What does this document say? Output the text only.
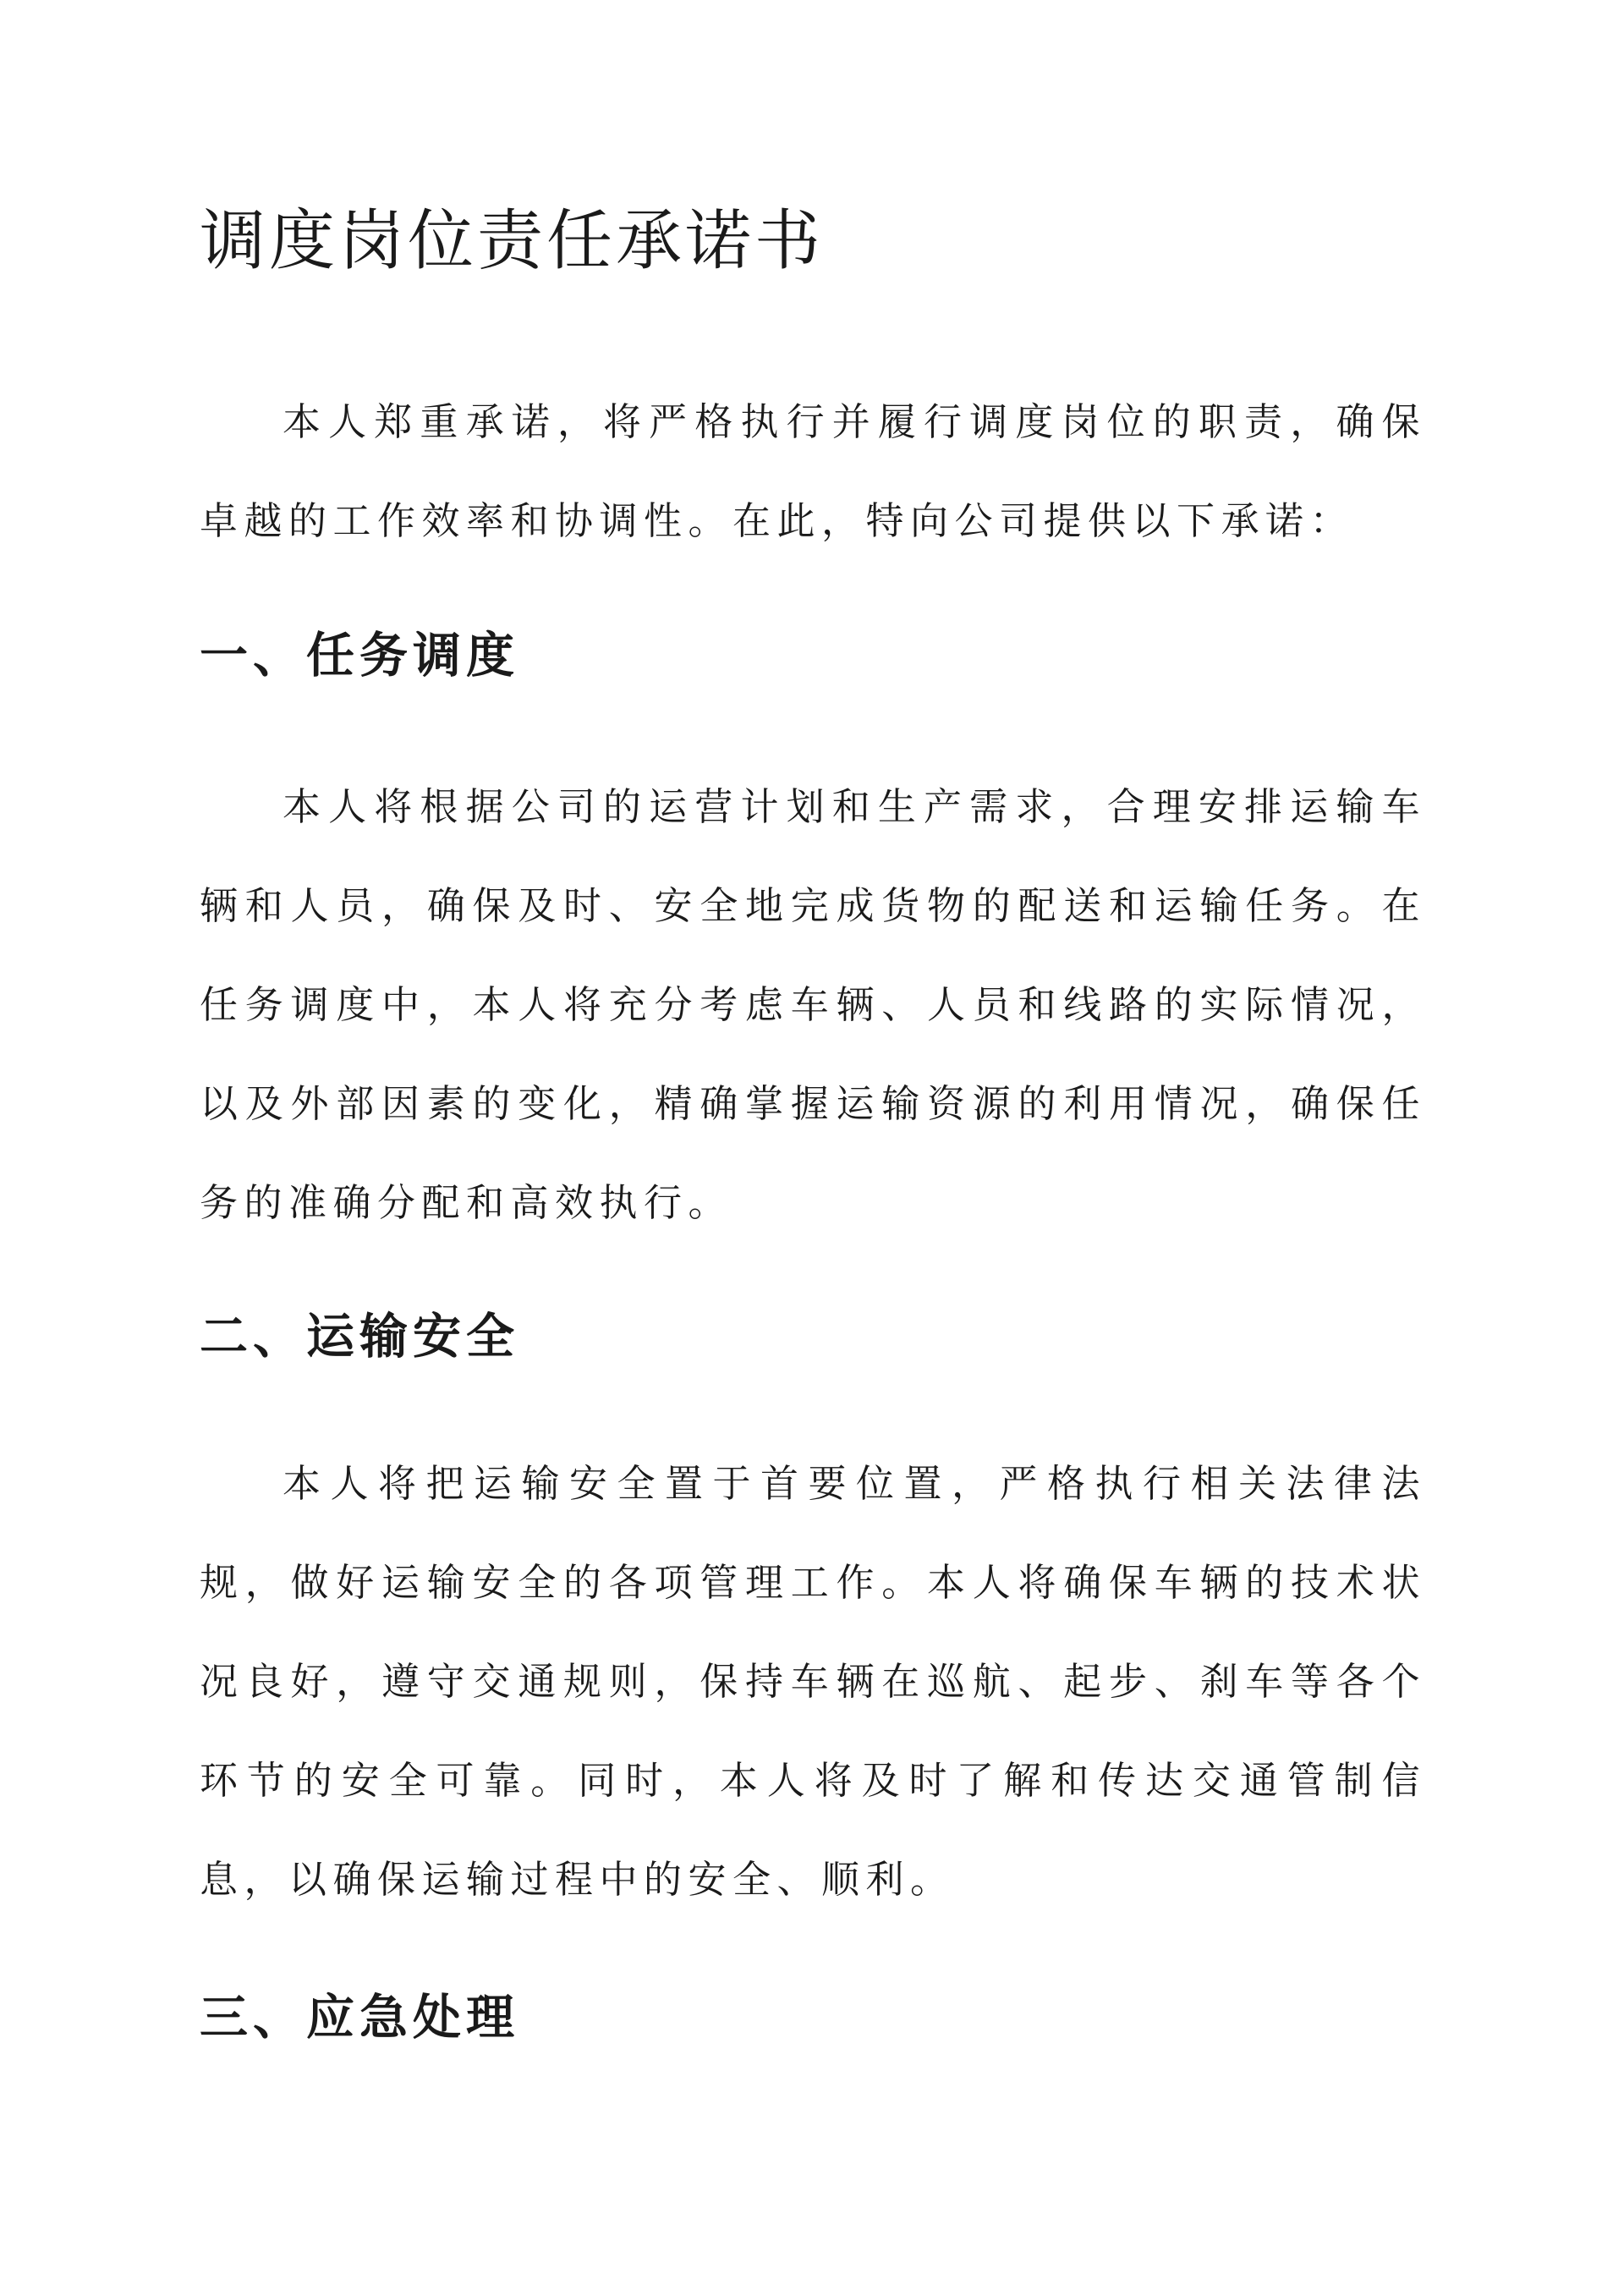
调度岗位责任承诺书

本人郑重承诺，将严格执行并履行调度岗位的职责，确保卓越的工作效率和协调性。在此，特向公司提供以下承诺：

一、任务调度

本人将根据公司的运营计划和生产需求，合理安排运输车辆和人员，确保及时、安全地完成货物的配送和运输任务。在任务调度中，本人将充分考虑车辆、人员和线路的实际情况，以及外部因素的变化，精确掌握运输资源的利用情况，确保任务的准确分配和高效执行。

二、运输安全

本人将把运输安全置于首要位置，严格执行相关法律法规，做好运输安全的各项管理工作。本人将确保车辆的技术状况良好，遵守交通规则，保持车辆在巡航、起步、刹车等各个环节的安全可靠。同时，本人将及时了解和传达交通管制信息，以确保运输过程中的安全、顺利。

三、应急处理
